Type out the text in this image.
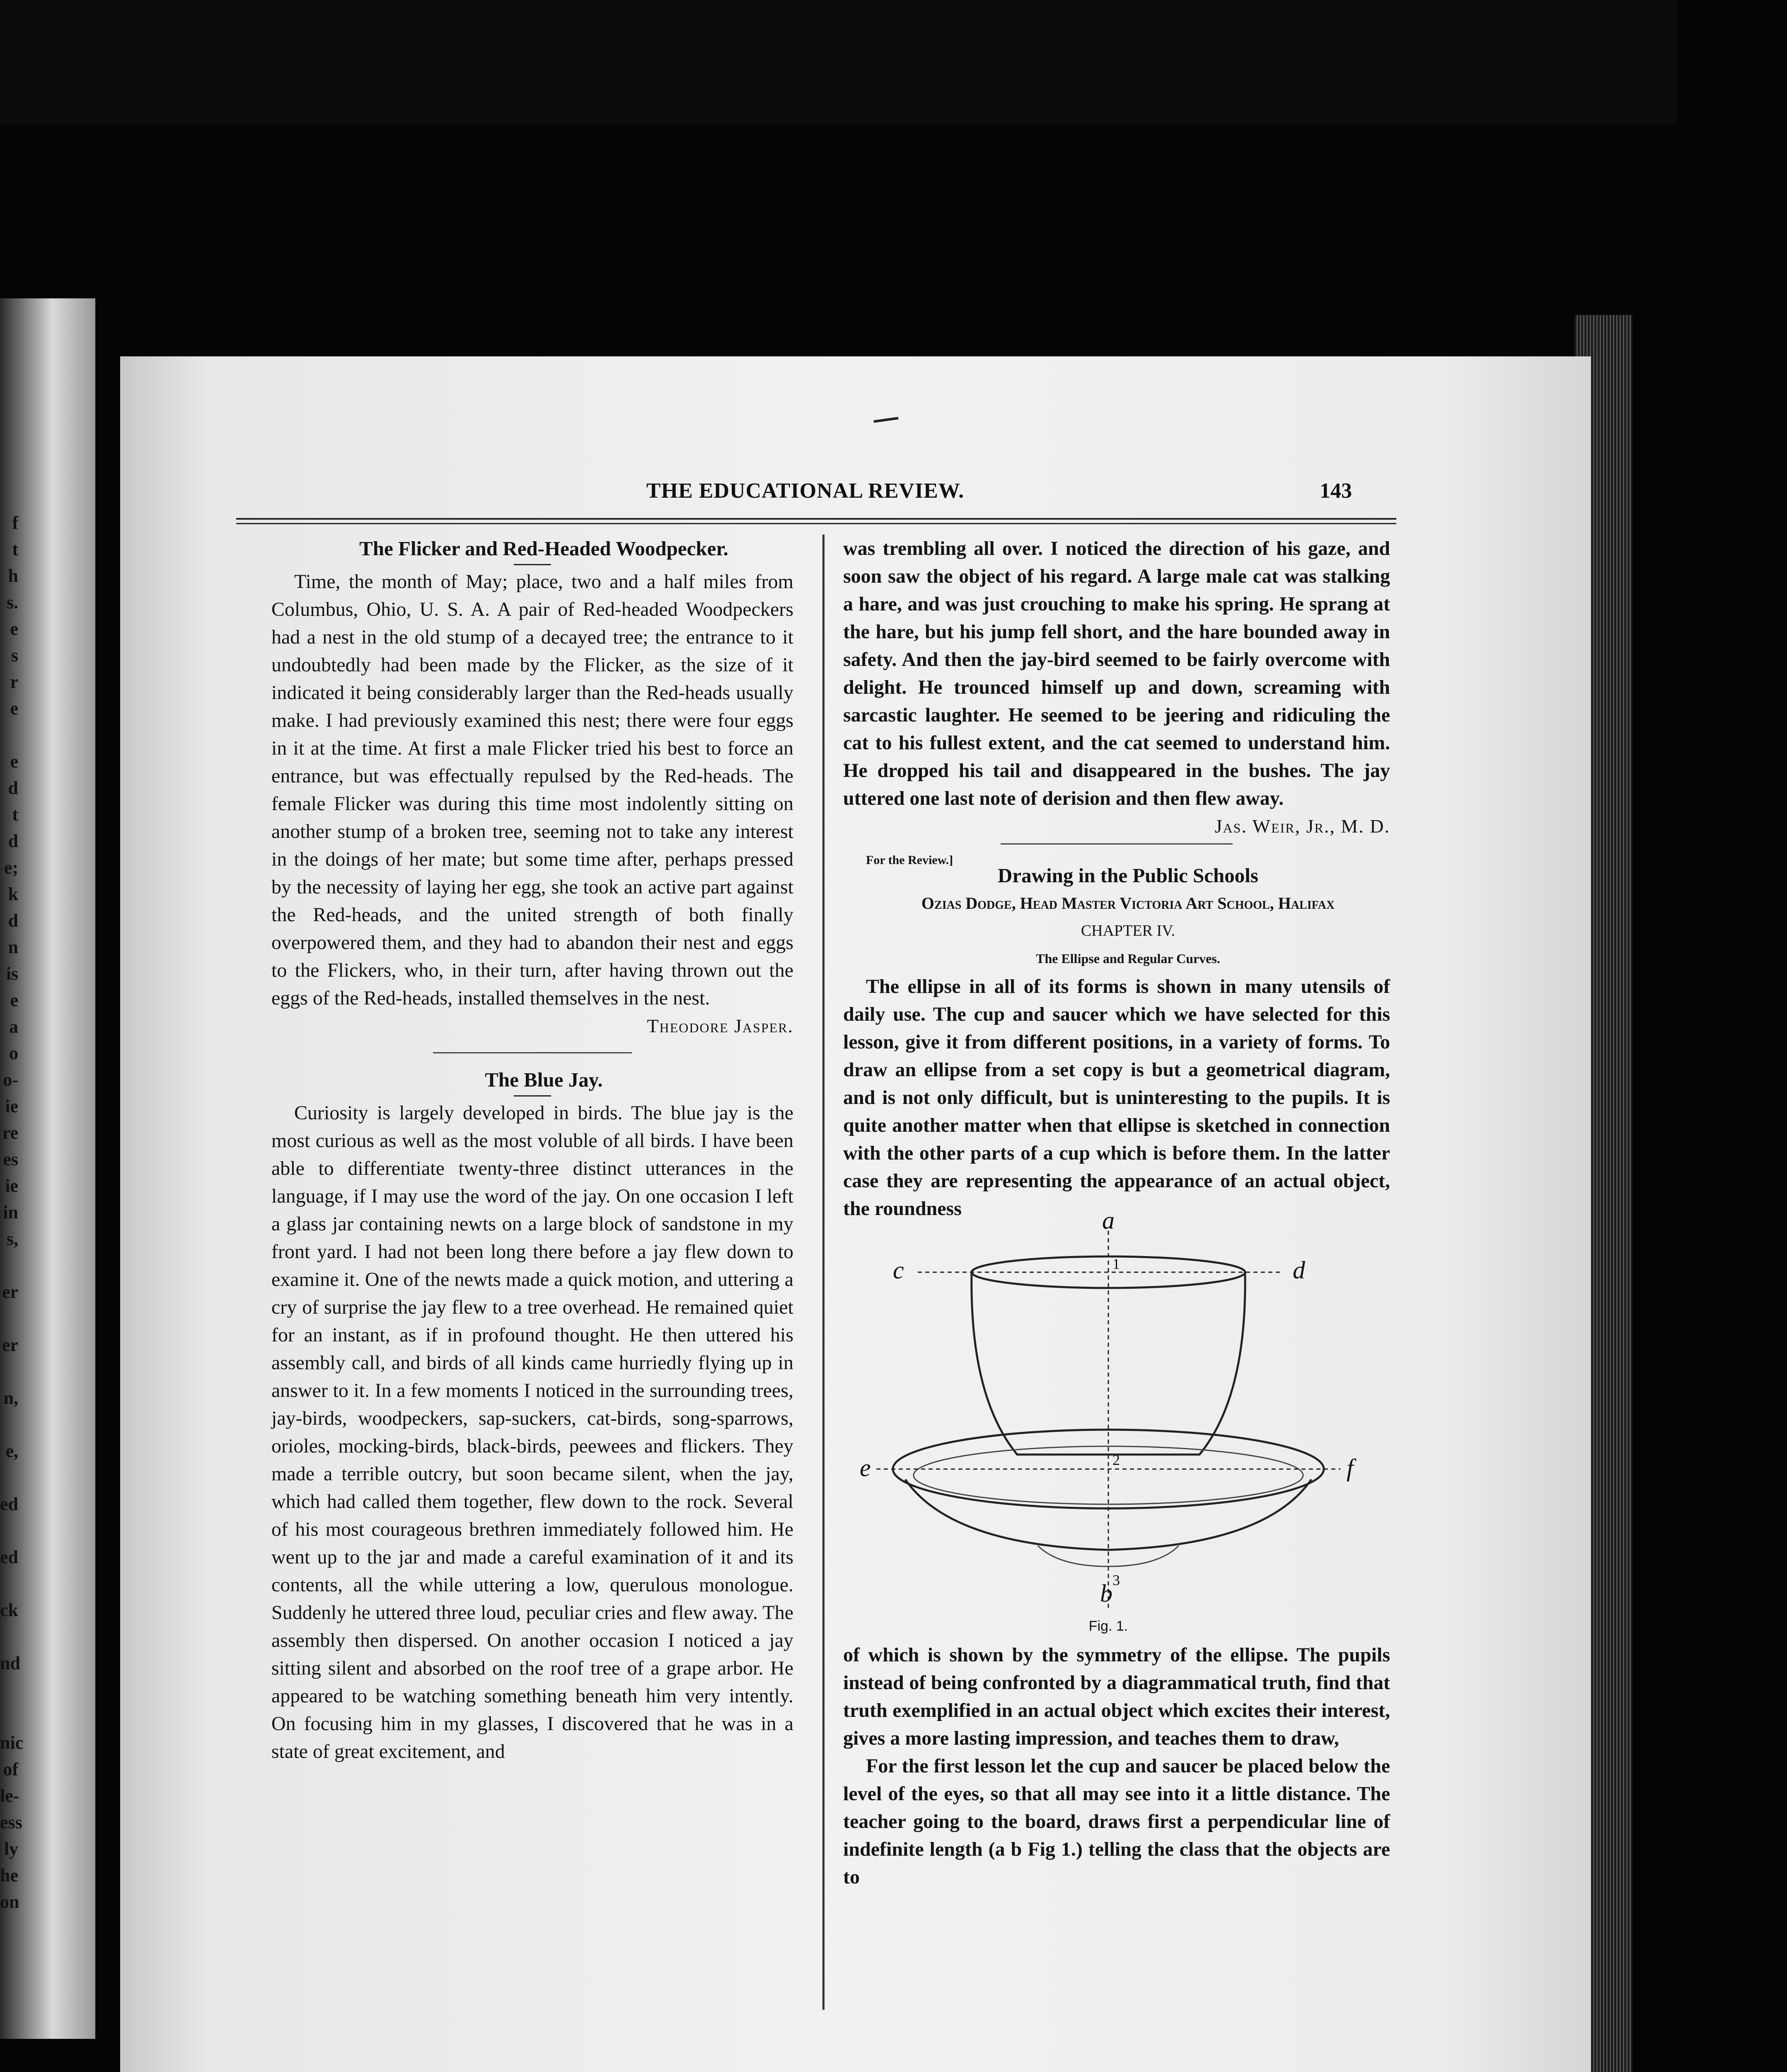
f
t
h
s.
e
s
r
e
e
d
t
d
e;
k
d
n
is
e
a
o
o-
ie
re
es
ie
in
s,
er
er
n,
e,
ed
ed
ck
nd
nic
of
le-
ess
ly
he
on
THE EDUCATIONAL REVIEW.	143

The Flicker and Red-Headed Woodpecker.

Time, the month of May; place, two and a half miles from Columbus, Ohio, U. S. A. A pair of Red-headed Woodpeckers had a nest in the old stump of a decayed tree; the entrance to it undoubtedly had been made by the Flicker, as the size of it indicated it being considerably larger than the Red-heads usually make. I had previously examined this nest; there were four eggs in it at the time. At first a male Flicker tried his best to force an entrance, but was effectually repulsed by the Red-heads. The female Flicker was during this time most indolently sitting on another stump of a broken tree, seeming not to take any interest in the doings of her mate; but some time after, perhaps pressed by the necessity of laying her egg, she took an active part against the Red-heads, and the united strength of both finally overpowered them, and they had to abandon their nest and eggs to the Flickers, who, in their turn, after having thrown out the eggs of the Red-heads, installed themselves in the nest.

Theodore Jasper.

The Blue Jay.

Curiosity is largely developed in birds. The blue jay is the most curious as well as the most voluble of all birds. I have been able to differentiate twenty-three distinct utterances in the language, if I may use the word of the jay. On one occasion I left a glass jar containing newts on a large block of sandstone in my front yard. I had not been long there before a jay flew down to examine it. One of the newts made a quick motion, and uttering a cry of surprise the jay flew to a tree overhead. He remained quiet for an instant, as if in profound thought. He then uttered his assembly call, and birds of all kinds came hurriedly flying up in answer to it. In a few moments I noticed in the surrounding trees, jay-birds, woodpeckers, sap-suckers, cat-birds, song-sparrows, orioles, mocking-birds, black-birds, peewees and flickers. They made a terrible outcry, but soon became silent, when the jay, which had called them together, flew down to the rock. Several of his most courageous brethren immediately followed him. He went up to the jar and made a careful examination of it and its contents, all the while uttering a low, querulous monologue. Suddenly he uttered three loud, peculiar cries and flew away. The assembly then dispersed. On another occasion I noticed a jay sitting silent and absorbed on the roof tree of a grape arbor. He appeared to be watching something beneath him very intently. On focusing him in my glasses, I discovered that he was in a state of great excitement, and

was trembling all over. I noticed the direction of his gaze, and soon saw the object of his regard. A large male cat was stalking a hare, and was just crouching to make his spring. He sprang at the hare, but his jump fell short, and the hare bounded away in safety. And then the jay-bird seemed to be fairly overcome with delight. He trounced himself up and down, screaming with sarcastic laughter. He seemed to be jeering and ridiculing the cat to his fullest extent, and the cat seemed to understand him. He dropped his tail and disappeared in the bushes. The jay uttered one last note of derision and then flew away.

Jas. Weir, Jr., M. D.

For the Review.]

Drawing in the Public Schools

Ozias Dodge, Head Master Victoria Art School, Halifax

CHAPTER IV.

The Ellipse and Regular Curves.

The ellipse in all of its forms is shown in many utensils of daily use. The cup and saucer which we have selected for this lesson, give it from different positions, in a variety of forms. To draw an ellipse from a set copy is but a geometrical diagram, and is not only difficult, but is uninteresting to the pupils. It is quite another matter when that ellipse is sketched in connection with the other parts of a cup which is before them. In the latter case they are representing the appearance of an actual object, the roundness	a
c	d
e	f
b
1
2
3
Fig. 1.

of which is shown by the symmetry of the ellipse. The pupils instead of being confronted by a diagrammatical truth, find that truth exemplified in an actual object which excites their interest, gives a more lasting impression, and teaches them to draw,

For the first lesson let the cup and saucer be placed below the level of the eyes, so that all may see into it a little distance. The teacher going to the board, draws first a perpendicular line of indefinite length (a b Fig 1.) telling the class that the objects are to
